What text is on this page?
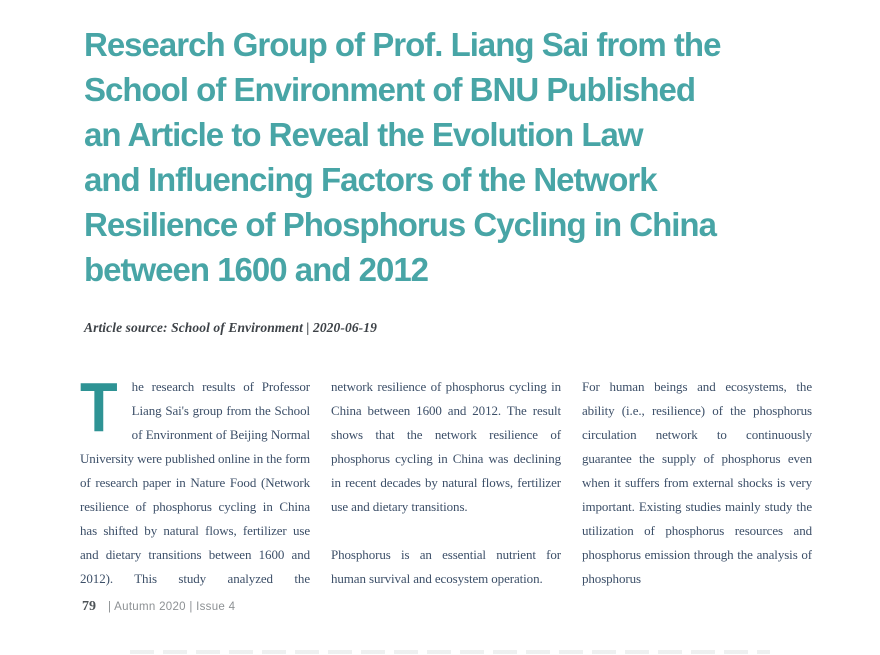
Research Group of Prof. Liang Sai from the
School of Environment of BNU Published
an Article to Reveal the Evolution Law
and Influencing Factors of the Network
Resilience of Phosphorus Cycling in China
between 1600 and 2012
Article source: School of Environment | 2020-06-19

T he research results of Professor Liang Sai's group from the School of Environment of Beijing Normal University were published online in the form of research paper in Nature Food (Network resilience of phosphorus cycling in China has shifted by natural flows, fertilizer use and dietary transitions between 1600 and 2012). This study analyzed the

network resilience of phosphorus cycling in China between 1600 and 2012. The result shows that the network resilience of phosphorus cycling in China was declining in recent decades by natural flows, fertilizer use and dietary transitions.

Phosphorus is an essential nutrient for human survival and ecosystem operation.

For human beings and ecosystems, the ability (i.e., resilience) of the phosphorus circulation network to continuously guarantee the supply of phosphorus even when it suffers from external shocks is very important. Existing studies mainly study the utilization of phosphorus resources and phosphorus emission through the analysis of phosphorus

79 | Autumn 2020 | Issue 4
